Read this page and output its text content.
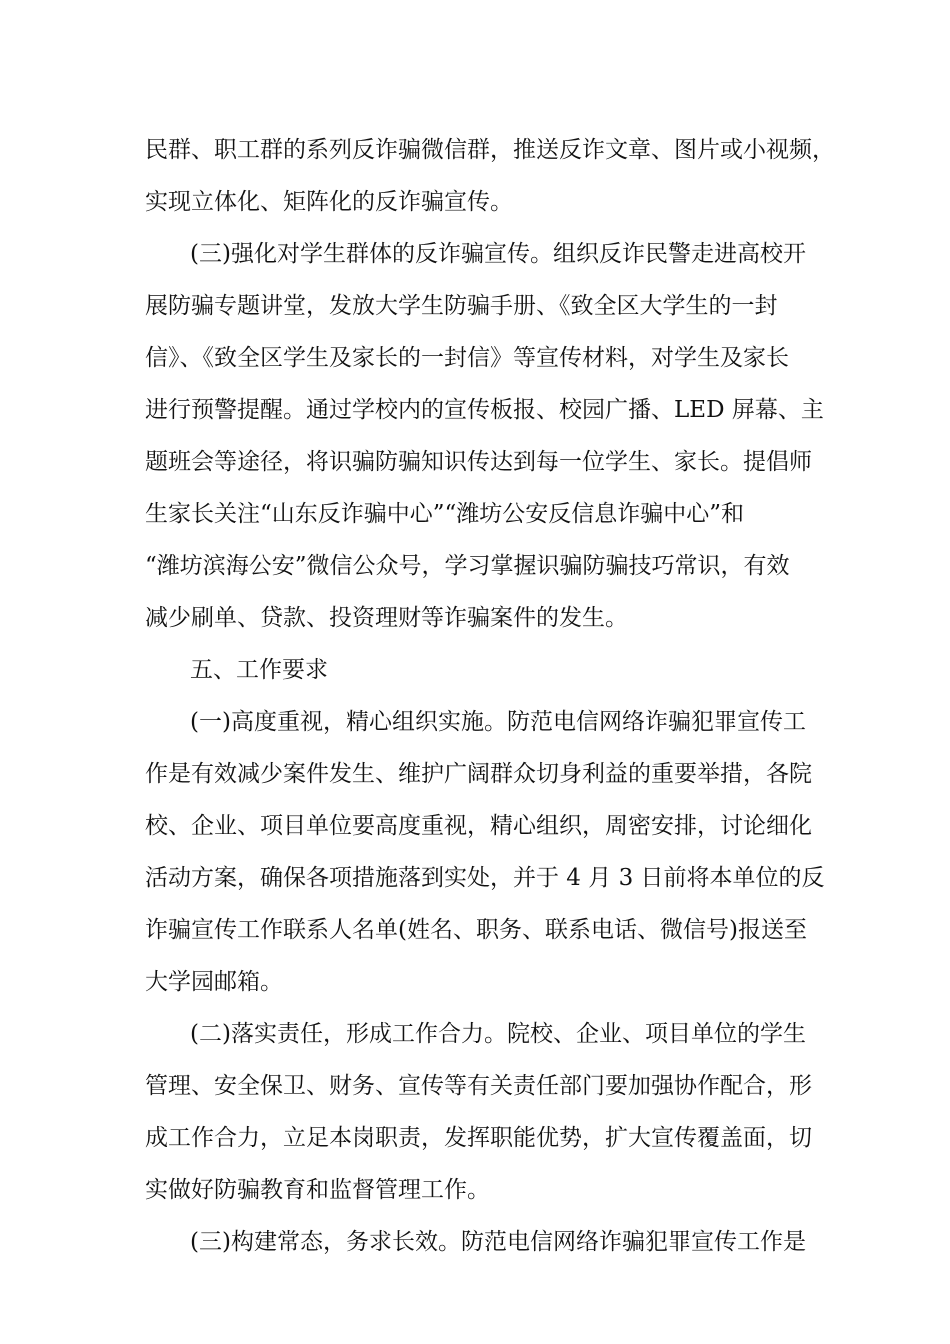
民群、职工群的系列反诈骗微信群，推送反诈文章、图片或小视频，
实现立体化、矩阵化的反诈骗宣传。
(三)强化对学生群体的反诈骗宣传。组织反诈民警走进高校开
展防骗专题讲堂，发放大学生防骗手册、《致全区大学生的一封
信》、《致全区学生及家长的一封信》等宣传材料，对学生及家长
进行预警提醒。通过学校内的宣传板报、校园广播、LED 屏幕、主
题班会等途径，将识骗防骗知识传达到每一位学生、家长。提倡师
生家长关注“山东反诈骗中心”“潍坊公安反信息诈骗中心”和
“潍坊滨海公安”微信公众号，学习掌握识骗防骗技巧常识，有效
减少刷单、贷款、投资理财等诈骗案件的发生。
五、工作要求
(一)高度重视，精心组织实施。防范电信网络诈骗犯罪宣传工
作是有效减少案件发生、维护广阔群众切身利益的重要举措，各院
校、企业、项目单位要高度重视，精心组织，周密安排，讨论细化
活动方案，确保各项措施落到实处，并于 4 月 3 日前将本单位的反
诈骗宣传工作联系人名单(姓名、职务、联系电话、微信号)报送至
大学园邮箱。
(二)落实责任，形成工作合力。院校、企业、项目单位的学生
管理、安全保卫、财务、宣传等有关责任部门要加强协作配合，形
成工作合力，立足本岗职责，发挥职能优势，扩大宣传覆盖面，切
实做好防骗教育和监督管理工作。
(三)构建常态，务求长效。防范电信网络诈骗犯罪宣传工作是
